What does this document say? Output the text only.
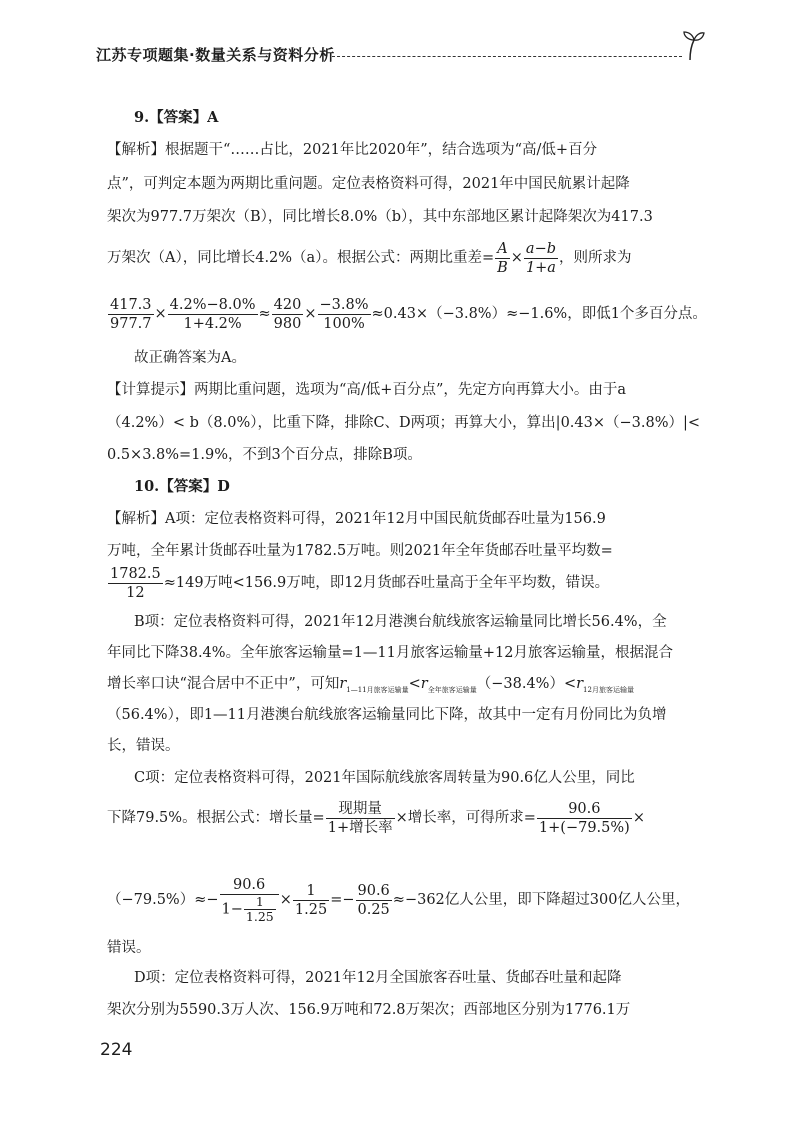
江苏专项题集·数量关系与资料分析
9.【答案】A
【解析】根据题干“……占比，2021年比2020年”，结合选项为“高/低+百分
点”，可判定本题为两期比重问题。定位表格资料可得，2021年中国民航累计起降
架次为977.7万架次（B），同比增长8.0%（b），其中东部地区累计起降架次为417.3
万架次（A），同比增长4.2%（a）。根据公式：两期比重差= $\frac{A}{B} \times \frac{a-b}{1+a}$ ，则所求为
$\frac{417.3}{977.7} \times \frac{4.2\%-8.0\%}{1+4.2\%} \approx \frac{420}{980} \times \frac{-3.8\%}{100\%} \approx 0.43\times(-3.8\%)\approx-1.6\%$，即低1个多百分点。
故正确答案为A。
【计算提示】两期比重问题，选项为“高/低+百分点”，先定方向再算大小。由于a
（4.2%）< b（8.0%），比重下降，排除C、D两项；再算大小，算出|0.43×（−3.8%）|<
0.5×3.8%=1.9%，不到3个百分点，排除B项。
10.【答案】D
【解析】A项：定位表格资料可得，2021年12月中国民航货邮吞吐量为156.9
万吨，全年累计货邮吞吐量为1782.5万吨。则2021年全年货邮吞吐量平均数=
$\frac{1782.5}{12} \approx 149$万吨<156.9万吨，即12月货邮吞吐量高于全年平均数，错误。
B项：定位表格资料可得，2021年12月港澳台航线旅客运输量同比增长56.4%，全
年同比下降38.4%。全年旅客运输量=1—11月旅客运输量+12月旅客运输量，根据混合
增长率口诀“混合居中不正中”，可知$r_{1—11月旅客运输量}<r_{全年旅客运输量}(-38.4\%)<r_{12月旅客运输量}$
（56.4%），即1—11月港澳台航线旅客运输量同比下降，故其中一定有月份同比为负增
长，错误。
C项：定位表格资料可得，2021年国际航线旅客周转量为90.6亿人公里，同比
下降79.5%。根据公式：增长量= $\frac{\text{现期量}}{\text{1+增长率}}$ ×增长率，可得所求= $\frac{90.6}{1+(-79.5\%)}$ ×
$(-79.5\%)\approx- \frac{90.6}{1- \frac{1}{1.25}} \times \frac{1}{1.25} =- \frac{90.6}{0.25} \approx-362$亿人公里，即下降超过300亿人公里，
错误。
D项：定位表格资料可得，2021年12月全国旅客吞吐量、货邮吞吐量和起降
架次分别为5590.3万人次、156.9万吨和72.8万架次；西部地区分别为1776.1万
224
